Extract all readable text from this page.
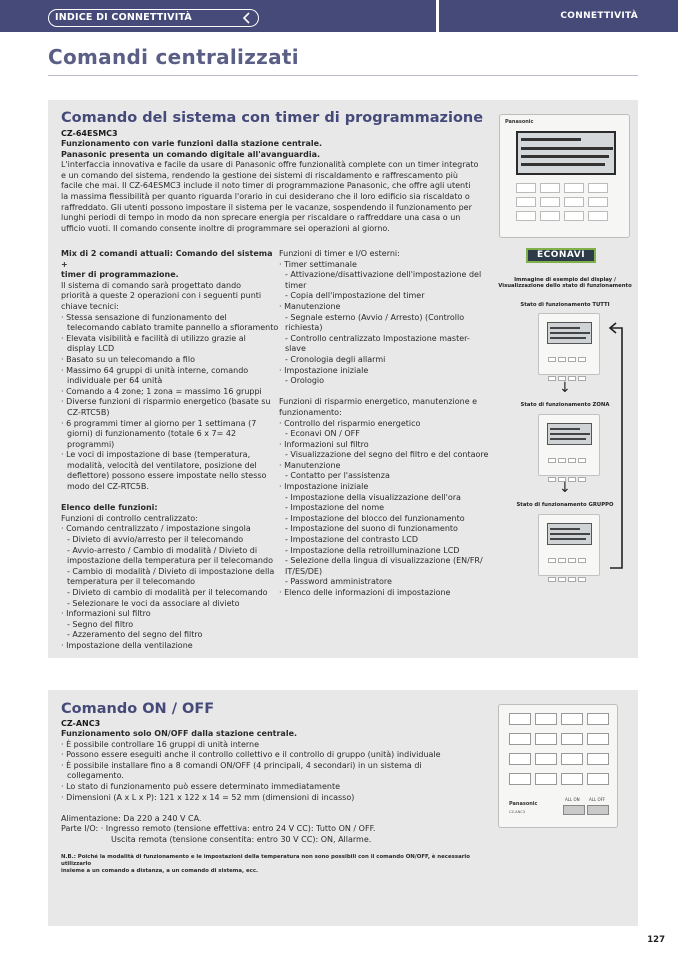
INDICE DI CONNETTIVITÀ	CONNETTIVITÀ
Comandi centralizzati
Comando del sistema con timer di programmazione
CZ-64ESMC3

Funzionamento con varie funzioni dalla stazione centrale.

Panasonic presenta un comando digitale all'avanguardia.

L'interfaccia innovativa e facile da usare di Panasonic offre funzionalità complete con un timer integrato

e un comando del sistema, rendendo la gestione dei sistemi di riscaldamento e raffrescamento più

facile che mai. Il CZ-64ESMC3 include il noto timer di programmazione Panasonic, che offre agli utenti

la massima flessibilità per quanto riguarda l'orario in cui desiderano che il loro edificio sia riscaldato o

raffreddato. Gli utenti possono impostare il sistema per le vacanze, sospendendo il funzionamento per

lunghi periodi di tempo in modo da non sprecare energia per riscaldare o raffreddare una casa o un

ufficio vuoti. Il comando consente inoltre di programmare sei operazioni al giorno.

Mix di 2 comandi attuali: Comando del sistema +

timer di programmazione.

Il sistema di comando sarà progettato dando

priorità a queste 2 operazioni con i seguenti punti

chiave tecnici:

· Stessa sensazione di funzionamento del

telecomando cablato tramite pannello a sfioramento

· Elevata visibilità e facilità di utilizzo grazie al

display LCD

· Basato su un telecomando a filo

· Massimo 64 gruppi di unità interne, comando

individuale per 64 unità

· Comando a 4 zone; 1 zona = massimo 16 gruppi

· Diverse funzioni di risparmio energetico (basate su

CZ-RTC5B)

· 6 programmi timer al giorno per 1 settimana (7

giorni) di funzionamento (totale 6 x 7= 42 programmi)

· Le voci di impostazione di base (temperatura,

modalità, velocità del ventilatore, posizione del

deflettore) possono essere impostate nello stesso

modo del CZ-RTC5B.

Elenco delle funzioni:

Funzioni di controllo centralizzato:

· Comando centralizzato / impostazione singola

- Divieto di avvio/arresto per il telecomando

- Avvio-arresto / Cambio di modalità / Divieto di

impostazione della temperatura per il telecomando

- Cambio di modalità / Divieto di impostazione della

temperatura per il telecomando

- Divieto di cambio di modalità per il telecomando

- Selezionare le voci da associare al divieto

· Informazioni sul filtro

- Segno del filtro

- Azzeramento del segno del filtro

· Impostazione della ventilazione

Funzioni di timer e I/O esterni:

· Timer settimanale

- Attivazione/disattivazione dell'impostazione del

timer

- Copia dell'impostazione del timer

· Manutenzione

- Segnale esterno (Avvio / Arresto) (Controllo

richiesta)

- Controllo centralizzato Impostazione master-

slave

- Cronologia degli allarmi

· Impostazione iniziale

- Orologio

Funzioni di risparmio energetico, manutenzione e

funzionamento:

· Controllo del risparmio energetico

- Econavi ON / OFF

· Informazioni sul filtro

- Visualizzazione del segno del filtro e del contaore

· Manutenzione

- Contatto per l'assistenza

· Impostazione iniziale

- Impostazione della visualizzazione dell'ora

- Impostazione del nome

- Impostazione del blocco del funzionamento

- Impostazione del suono di funzionamento

- Impostazione del contrasto LCD

- Impostazione della retroilluminazione LCD

- Selezione della lingua di visualizzazione (EN/FR/

IT/ES/DE)

- Password amministratore

· Elenco delle informazioni di impostazione

Panasonic
ECONAVI
Immagine di esempio del display /
Visualizzazione dello stato di funzionamento
Stato di funzionamento TUTTI
Stato di funzionamento ZONA
Stato di funzionamento GRUPPO
↓
↓
Comando ON / OFF
CZ-ANC3

Funzionamento solo ON/OFF dalla stazione centrale.

· È possibile controllare 16 gruppi di unità interne

· Possono essere eseguiti anche il controllo collettivo e il controllo di gruppo (unità) individuale

· È possibile installare fino a 8 comandi ON/OFF (4 principali, 4 secondari) in un sistema di

collegamento.

· Lo stato di funzionamento può essere determinato immediatamente

· Dimensioni (A x L x P): 121 x 122 x 14 = 52 mm (dimensioni di incasso)

Alimentazione: Da 220 a 240 V CA.

Parte I/O: · Ingresso remoto (tensione effettiva: entro 24 V CC): Tutto ON / OFF.

Uscita remota (tensione consentita: entro 30 V CC): ON, Allarme.

N.B.: Poiché la modalità di funzionamento e le impostazioni della temperatura non sono possibili con il comando ON/OFF, è necessario utilizzarlo

insieme a un comando a distanza, a un comando di sistema, ecc.

Panasonic
CZ-ANC3
ALL ON ALL OFF
127
